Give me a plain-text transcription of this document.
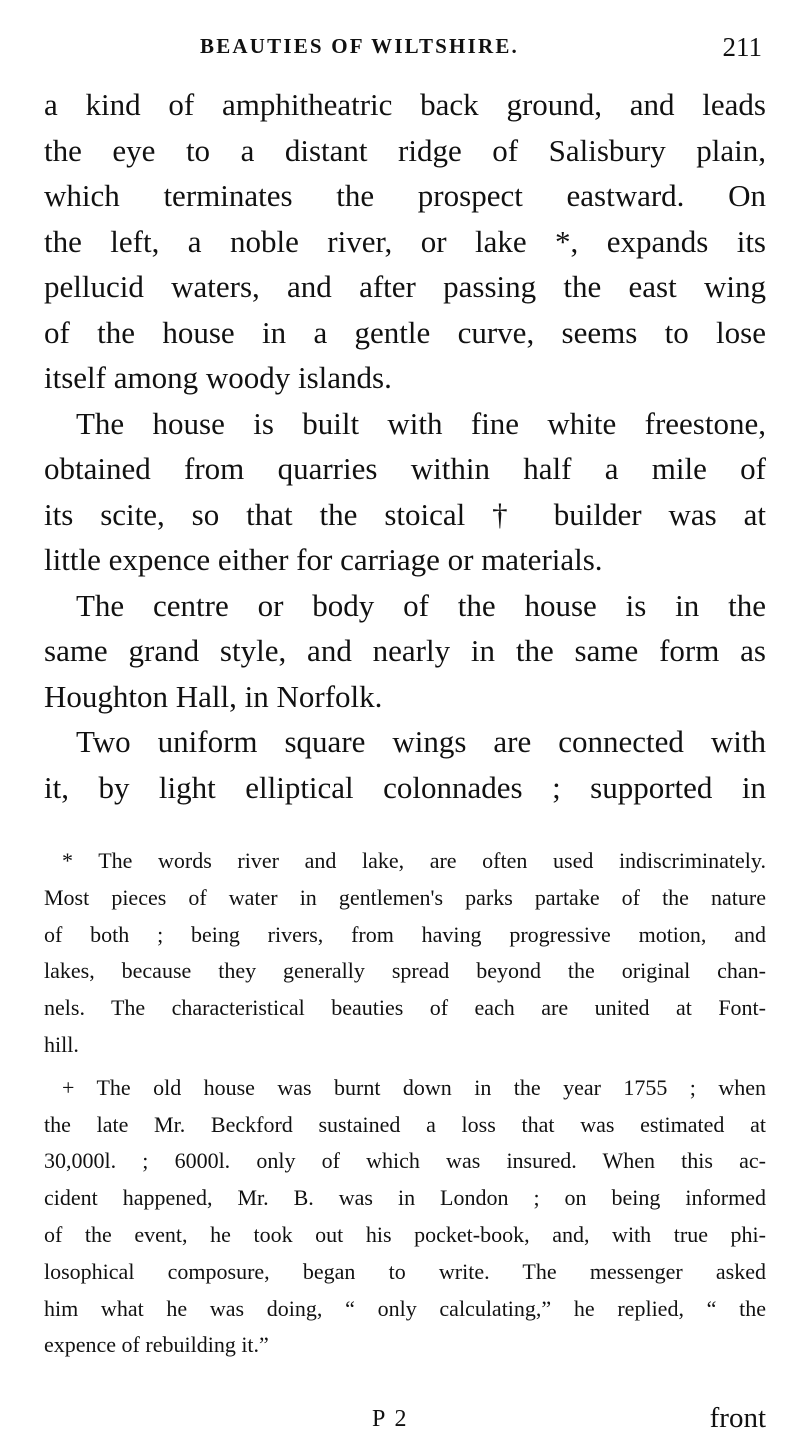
BEAUTIES OF WILTSHIRE.	211
a kind of amphitheatric back ground, and leads
the eye to a distant ridge of Salisbury plain,
which terminates the prospect eastward. On
the left, a noble river, or lake *, expands its
pellucid waters, and after passing the east wing
of the house in a gentle curve, seems to lose
itself among woody islands.
The house is built with fine white freestone,
obtained from quarries within half a mile of
its scite, so that the stoical † builder was at
little expence either for carriage or materials.
The centre or body of the house is in the
same grand style, and nearly in the same form as
Houghton Hall, in Norfolk.
Two uniform square wings are connected with
it, by light elliptical colonnades ; supported in
* The words river and lake, are often used indiscriminately.
Most pieces of water in gentlemen's parks partake of the nature
of both ; being rivers, from having progressive motion, and
lakes, because they generally spread beyond the original chan-
nels. The characteristical beauties of each are united at Font-
hill.
+ The old house was burnt down in the year 1755 ; when
the late Mr. Beckford sustained a loss that was estimated at
30,000l. ; 6000l. only of which was insured. When this ac-
cident happened, Mr. B. was in London ; on being informed
of the event, he took out his pocket-book, and, with true phi-
losophical composure, began to write. The messenger asked
him what he was doing, “ only calculating,” he replied, “ the
expence of rebuilding it.”
P 2	front
